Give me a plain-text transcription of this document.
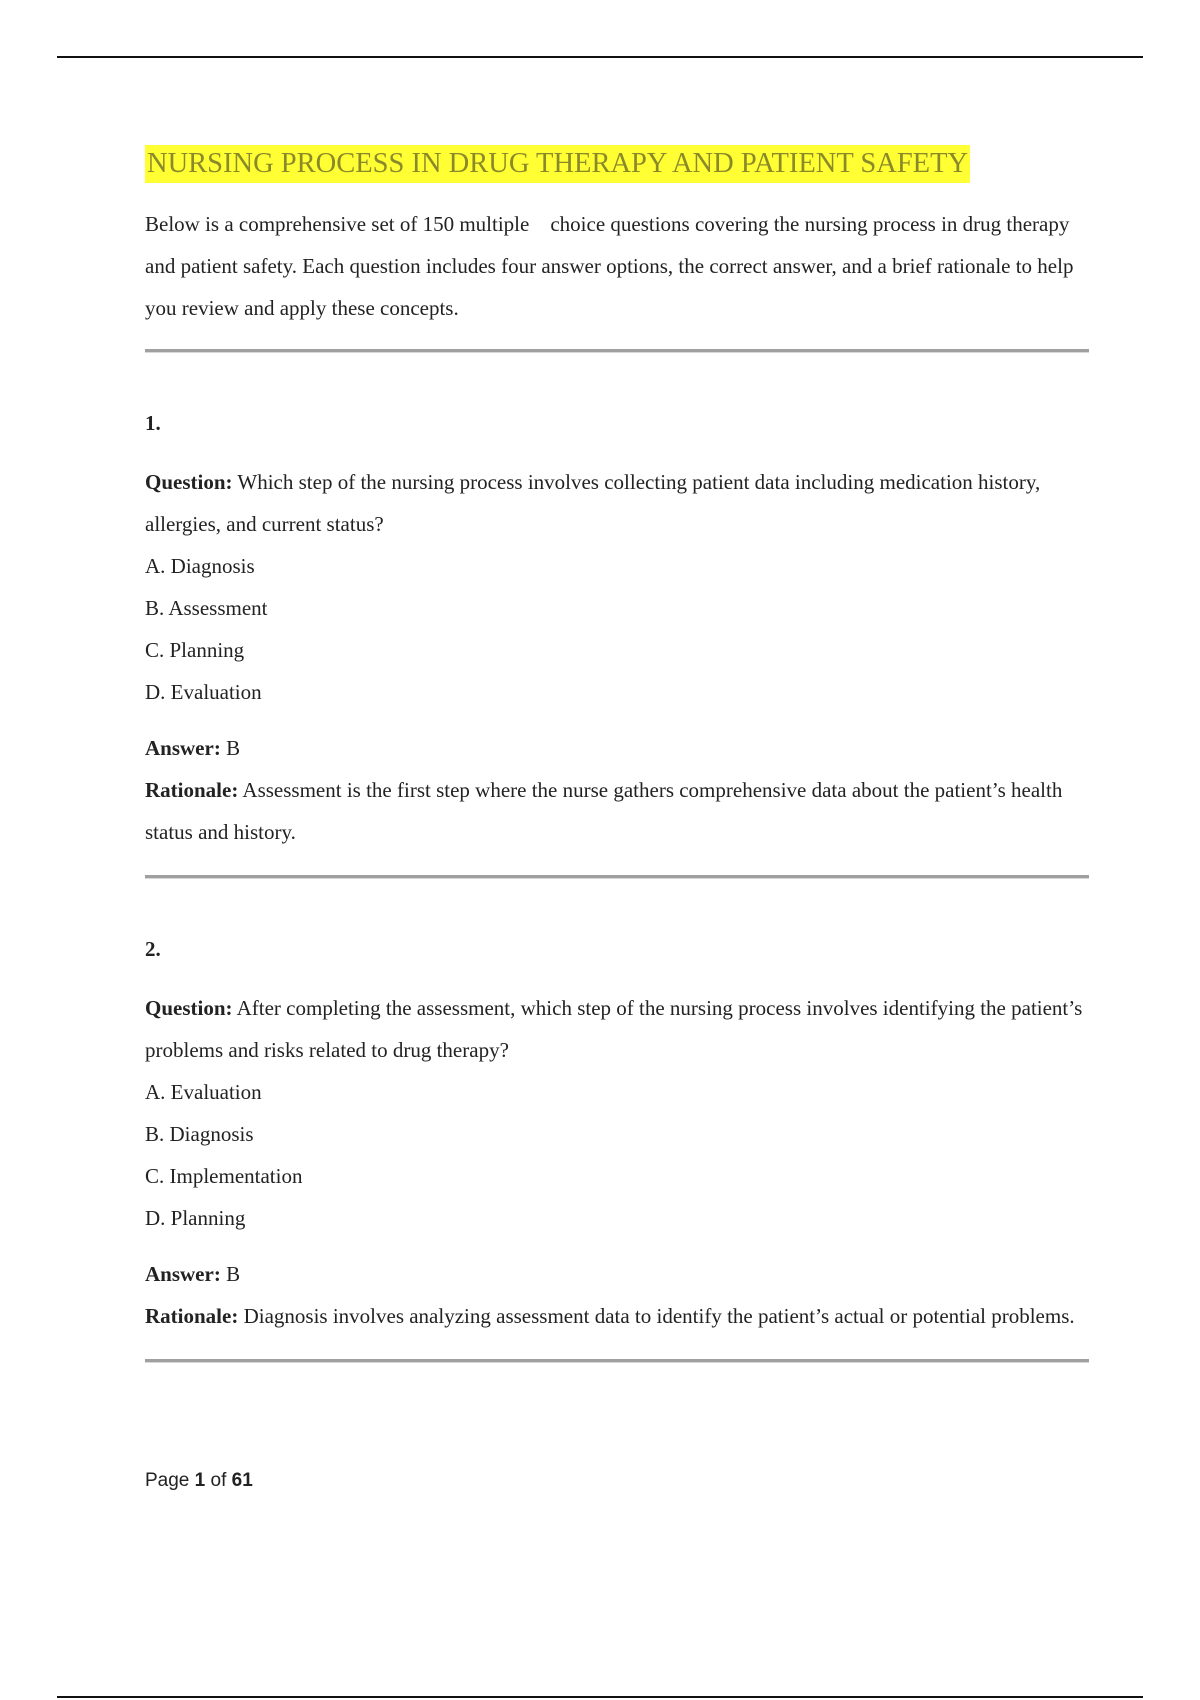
NURSING PROCESS IN DRUG THERAPY AND PATIENT SAFETY
Below is a comprehensive set of 150 multiple  choice questions covering the nursing process in drug therapy and patient safety. Each question includes four answer options, the correct answer, and a brief rationale to help you review and apply these concepts.
1.
Question: Which step of the nursing process involves collecting patient data including medication history, allergies, and current status?
A. Diagnosis
B. Assessment
C. Planning
D. Evaluation
Answer: B
Rationale: Assessment is the first step where the nurse gathers comprehensive data about the patient’s health status and history.
2.
Question: After completing the assessment, which step of the nursing process involves identifying the patient’s problems and risks related to drug therapy?
A. Evaluation
B. Diagnosis
C. Implementation
D. Planning
Answer: B
Rationale: Diagnosis involves analyzing assessment data to identify the patient’s actual or potential problems.
Page 1 of 61
